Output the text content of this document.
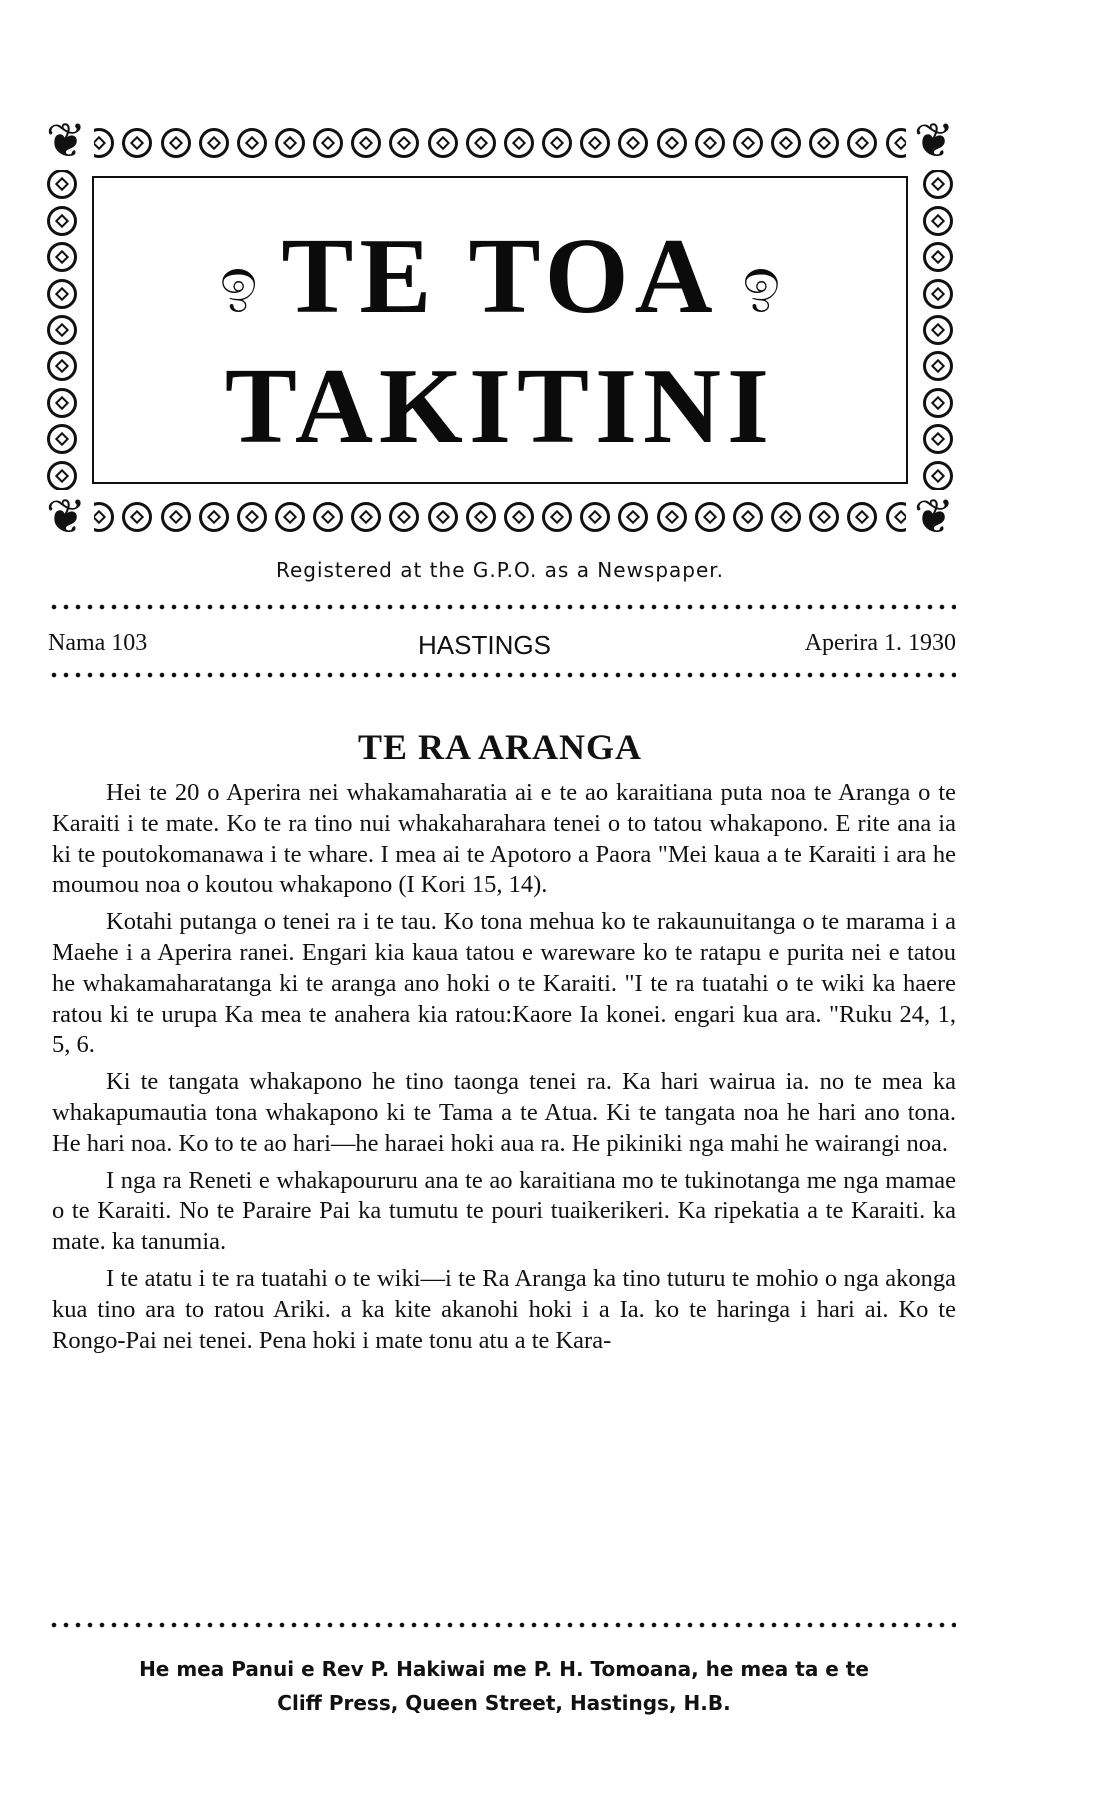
❦	❦
❦	❦
ඉ TE TOA ඉ
TAKITINI
Registered at the G.P.O. as a Newspaper.
Nama 103	HASTINGS	Aperira 1. 1930
TE RA ARANGA

Hei te 20 o Aperira nei whakamaharatia ai e te ao karaitiana puta noa te Aranga o te Karaiti i te mate. Ko te ra tino nui whakaharahara tenei o to tatou whakapono. E rite ana ia ki te poutokomanawa i te whare. I mea ai te Apotoro a Paora "Mei kaua a te Karaiti i ara he moumou noa o koutou whakapono (I Kori 15, 14).

Kotahi putanga o tenei ra i te tau. Ko tona mehua ko te rakaunuitanga o te marama i a Maehe i a Aperira ranei. Engari kia kaua tatou e wareware ko te ratapu e purita nei e tatou he whakamaharatanga ki te aranga ano hoki o te Karaiti. "I te ra tuatahi o te wiki ka haere ratou ki te urupa Ka mea te anahera kia ratou:Kaore Ia konei. engari kua ara. "Ruku 24, 1, 5, 6.

Ki te tangata whakapono he tino taonga tenei ra. Ka hari wairua ia. no te mea ka whakapumautia tona whakapono ki te Tama a te Atua. Ki te tangata noa he hari ano tona. He hari noa. Ko to te ao hari—he haraei hoki aua ra. He pikiniki nga mahi he wairangi noa.

I nga ra Reneti e whakapoururu ana te ao karaitiana mo te tukinotanga me nga mamae o te Karaiti. No te Paraire Pai ka tumutu te pouri tuaikerikeri. Ka ripekatia a te Karaiti. ka mate. ka tanumia.

I te atatu i te ra tuatahi o te wiki—i te Ra Aranga ka tino tuturu te mohio o nga akonga kua tino ara to ratou Ariki. a ka kite akanohi hoki i a Ia. ko te haringa i hari ai. Ko te Rongo-Pai nei tenei. Pena hoki i mate tonu atu a te Kara-

He mea Panui e Rev P. Hakiwai me P. H. Tomoana, he mea ta e te
Cliff Press, Queen Street, Hastings, H.B.
